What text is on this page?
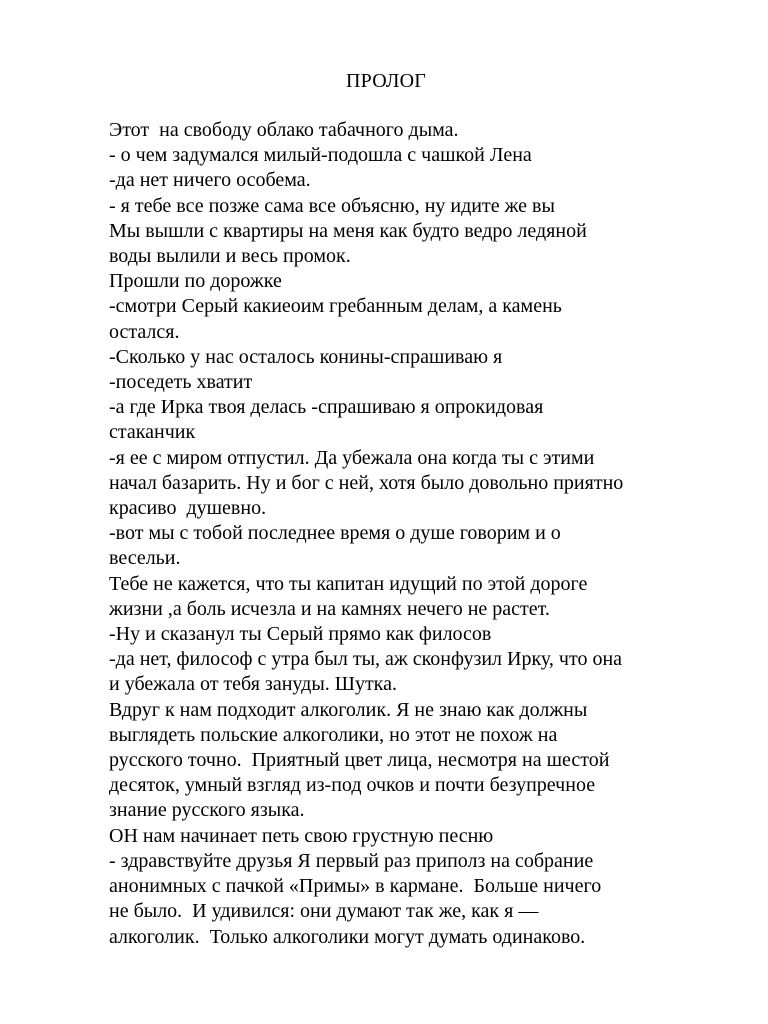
ПРОЛОГ

Этот  на свободу облако табачного дыма.

- о чем задумался милый-подошла с чашкой Лена

-да нет ничего особема.

- я тебе все позже сама все объясню, ну идите же вы

Мы вышли с квартиры на меня как будто ведро ледяной

воды вылили и весь промок.

Прошли по дорожке

-смотри Серый какиеоим гребанным делам, а камень

остался.

-Сколько у нас осталось конины-спрашиваю я

-поседеть хватит

-а где Ирка твоя делась -спрашиваю я опрокидовая

стаканчик

-я ее с миром отпустил. Да убежала она когда ты с этими

начал базарить. Ну и бог с ней, хотя было довольно приятно

красиво  душевно.

-вот мы с тобой последнее время о душе говорим и о

весельи.

Тебе не кажется, что ты капитан идущий по этой дороге

жизни ,а боль исчезла и на камнях нечего не растет.

-Ну и сказанул ты Серый прямо как филосов

-да нет, философ с утра был ты, аж сконфузил Ирку, что она

и убежала от тебя зануды. Шутка.

Вдруг к нам подходит алкоголик. Я не знаю как должны

выглядеть польские алкоголики, но этот не похож на

русского точно.  Приятный цвет лица, несмотря на шестой

десяток, умный взгляд из-под очков и почти безупречное

знание русского языка.

ОН нам начинает петь свою грустную песню

- здравствуйте друзья Я первый раз приполз на собрание

анонимных с пачкой «Примы» в кармане.  Больше ничего

не было.  И удивился: они думают так же, как я —

алкоголик.  Только алкоголики могут думать одинаково.
